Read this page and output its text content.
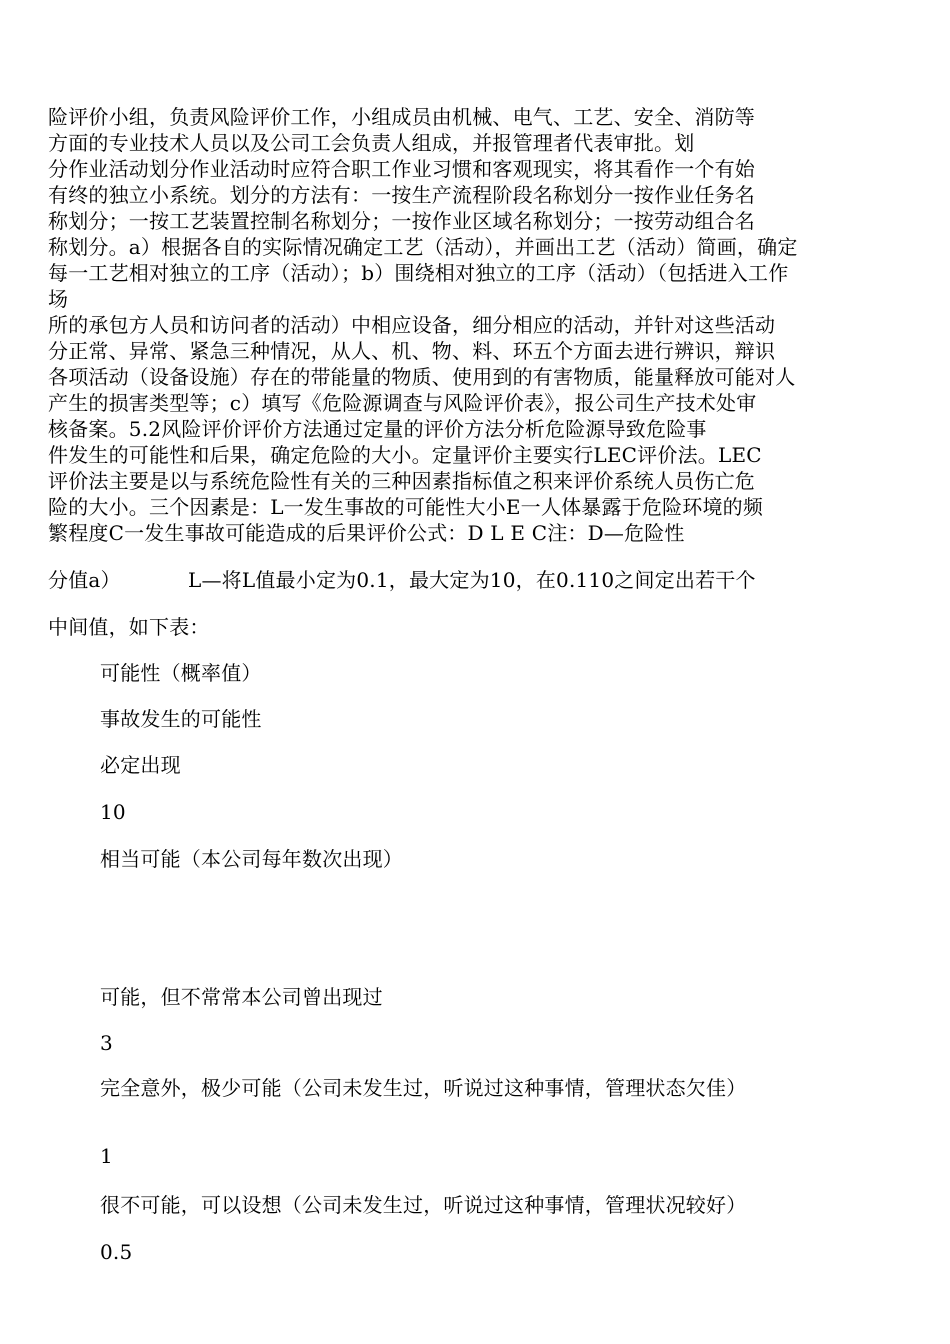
险评价小组，负责风险评价工作，小组成员由机械、电气、工艺、安全、消防等
方面的专业技术人员以及公司工会负责人组成，并报管理者代表审批。划
分作业活动划分作业活动时应符合职工作业习惯和客观现实，将其看作一个有始
有终的独立小系统。划分的方法有：一按生产流程阶段名称划分一按作业任务名
称划分；一按工艺装置控制名称划分；一按作业区域名称划分；一按劳动组合名
称划分。a）根据各自的实际情况确定工艺（活动），并画出工艺（活动）简画，确定
每一工艺相对独立的工序（活动）；b）围绕相对独立的工序（活动）（包括进入工作
场
所的承包方人员和访问者的活动）中相应设备，细分相应的活动，并针对这些活动
分正常、异常、紧急三种情况，从人、机、物、料、环五个方面去进行辨识，辩识
各项活动（设备设施）存在的带能量的物质、使用到的有害物质，能量释放可能对人
产生的损害类型等；c）填写《危险源调查与风险评价表》，报公司生产技术处审
核备案。5.2风险评价评价方法通过定量的评价方法分析危险源导致危险事
件发生的可能性和后果，确定危险的大小。定量评价主要实行LEC评价法。LEC
评价法主要是以与系统危险性有关的三种因素指标值之积来评价系统人员伤亡危
险的大小。三个因素是：L一发生事故的可能性大小E一人体暴露于危险环境的频
繁程度C一发生事故可能造成的后果评价公式：D L E C注：D—危险性
分值a）	L—将L值最小定为0.1，最大定为10，在0.110之间定出若干个
中间值，如下表：
可能性（概率值）
事故发生的可能性
必定出现
10
相当可能（本公司每年数次出现）
可能，但不常常本公司曾出现过
3
完全意外，极少可能（公司未发生过，听说过这种事情，管理状态欠佳）
1
很不可能，可以设想（公司未发生过，听说过这种事情，管理状况较好）
0.5
